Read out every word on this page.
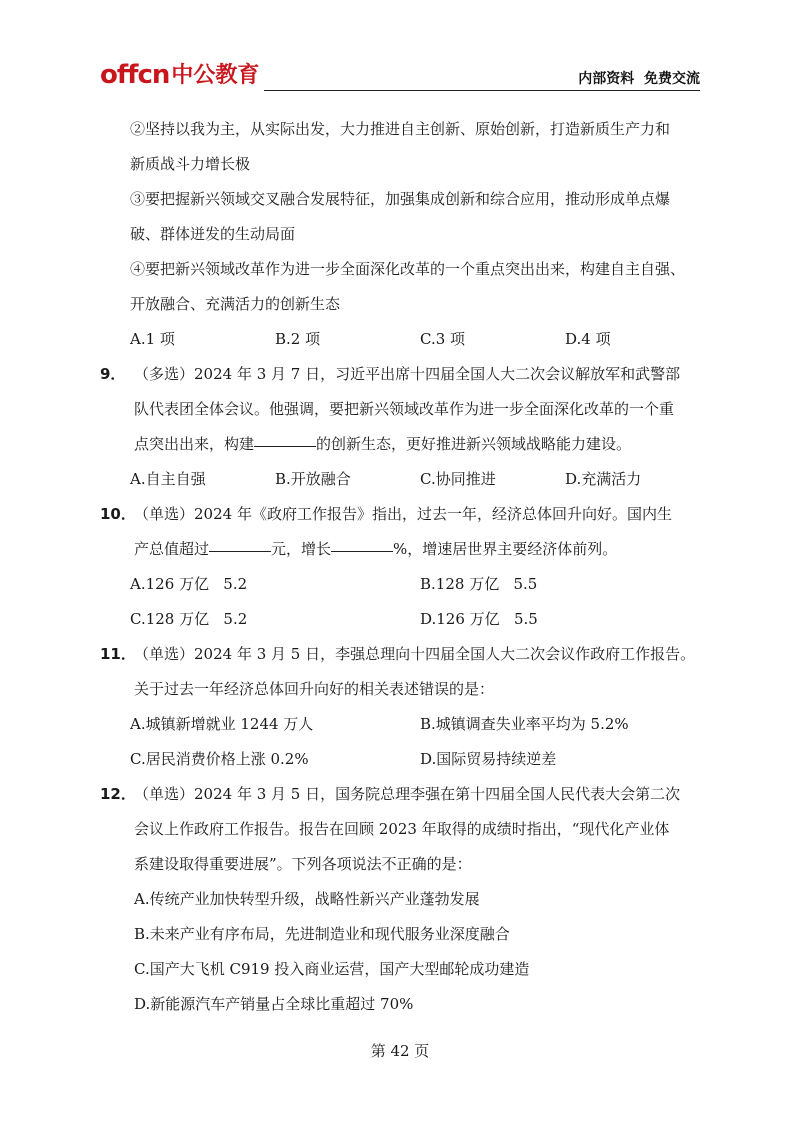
offcn 中公教育	内部资料  免费交流
②坚持以我为主，从实际出发，大力推进自主创新、原始创新，打造新质生产力和
新质战斗力增长极
③要把握新兴领域交叉融合发展特征，加强集成创新和综合应用，推动形成单点爆
破、群体迸发的生动局面
④要把新兴领域改革作为进一步全面深化改革的一个重点突出出来，构建自主自强、
开放融合、充满活力的创新生态
A.1 项	B.2 项	C.3 项	D.4 项
9． （多选）2024 年 3 月 7 日，习近平出席十四届全国人大二次会议解放军和武警部
队代表团全体会议。他强调，要把新兴领域改革作为进一步全面深化改革的一个重
点突出出来，构建	的创新生态，更好推进新兴领域战略能力建设。
A.自主自强	B.开放融合	C.协同推进	D.充满活力
10．
（单选）2024 年《政府工作报告》指出，过去一年，经济总体回升向好。国内生
产总值超过	元，增长	%，增速居世界主要经济体前列。
A.126 万亿   5.2	B.128 万亿   5.5
C.128 万亿   5.2	D.126 万亿   5.5
11．
（单选）2024 年 3 月 5 日，李强总理向十四届全国人大二次会议作政府工作报告。
关于过去一年经济总体回升向好的相关表述错误的是：
A.城镇新增就业 1244 万人	B.城镇调查失业率平均为 5.2%
C.居民消费价格上涨 0.2%	D.国际贸易持续逆差
12．
（单选）2024 年 3 月 5 日，国务院总理李强在第十四届全国人民代表大会第二次
会议上作政府工作报告。报告在回顾 2023 年取得的成绩时指出，“现代化产业体
系建设取得重要进展”。下列各项说法不正确的是：
A.传统产业加快转型升级，战略性新兴产业蓬勃发展
B.未来产业有序布局，先进制造业和现代服务业深度融合
C.国产大飞机 C919 投入商业运营，国产大型邮轮成功建造
D.新能源汽车产销量占全球比重超过 70%
第 42 页
